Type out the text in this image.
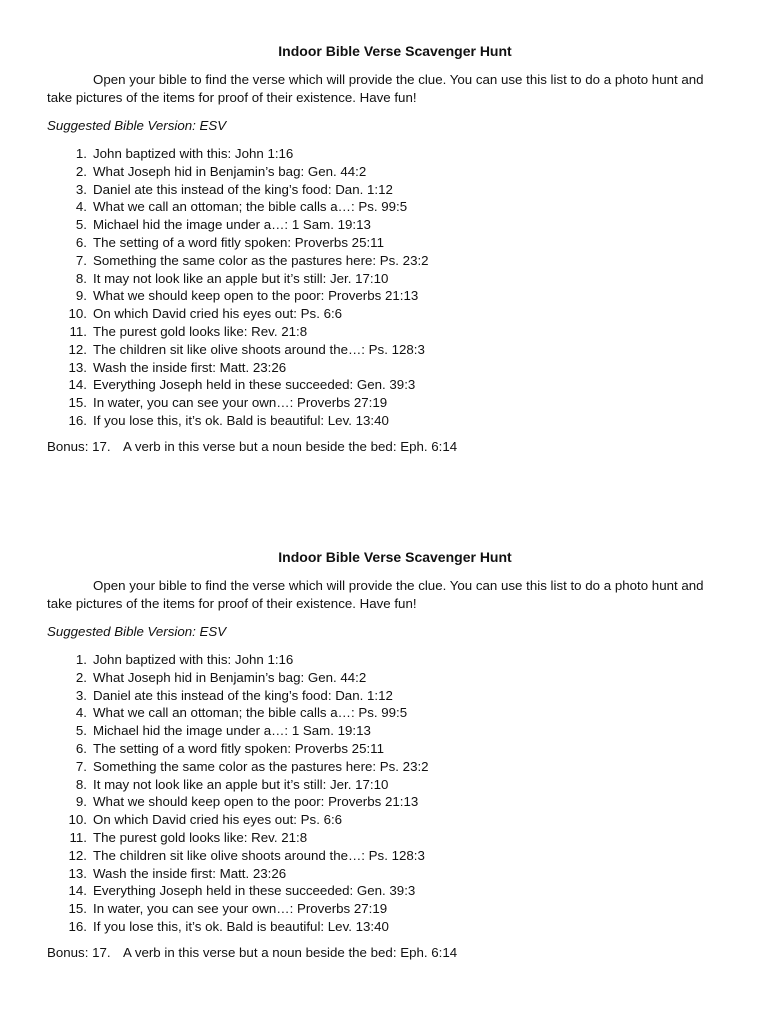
Indoor Bible Verse Scavenger Hunt

Open your bible to find the verse which will provide the clue. You can use this list to do a photo hunt and take pictures of the items for proof of their existence. Have fun!

Suggested Bible Version: ESV

1. John baptized with this: John 1:16
2. What Joseph hid in Benjamin’s bag: Gen. 44:2
3. Daniel ate this instead of the king’s food: Dan. 1:12
4. What we call an ottoman; the bible calls a…: Ps. 99:5
5. Michael hid the image under a…: 1 Sam. 19:13
6. The setting of a word fitly spoken: Proverbs 25:11
7. Something the same color as the pastures here: Ps. 23:2
8. It may not look like an apple but it’s still: Jer. 17:10
9. What we should keep open to the poor: Proverbs 21:13
10. On which David cried his eyes out: Ps. 6:6
11. The purest gold looks like: Rev. 21:8
12. The children sit like olive shoots around the…: Ps. 128:3
13. Wash the inside first: Matt. 23:26
14. Everything Joseph held in these succeeded: Gen. 39:3
15. In water, you can see your own…: Proverbs 27:19
16. If you lose this, it’s ok. Bald is beautiful: Lev. 13:40

Bonus: 17. A verb in this verse but a noun beside the bed: Eph. 6:14

Indoor Bible Verse Scavenger Hunt

Open your bible to find the verse which will provide the clue. You can use this list to do a photo hunt and take pictures of the items for proof of their existence. Have fun!

Suggested Bible Version: ESV

1. John baptized with this: John 1:16
2. What Joseph hid in Benjamin’s bag: Gen. 44:2
3. Daniel ate this instead of the king’s food: Dan. 1:12
4. What we call an ottoman; the bible calls a…: Ps. 99:5
5. Michael hid the image under a…: 1 Sam. 19:13
6. The setting of a word fitly spoken: Proverbs 25:11
7. Something the same color as the pastures here: Ps. 23:2
8. It may not look like an apple but it’s still: Jer. 17:10
9. What we should keep open to the poor: Proverbs 21:13
10. On which David cried his eyes out: Ps. 6:6
11. The purest gold looks like: Rev. 21:8
12. The children sit like olive shoots around the…: Ps. 128:3
13. Wash the inside first: Matt. 23:26
14. Everything Joseph held in these succeeded: Gen. 39:3
15. In water, you can see your own…: Proverbs 27:19
16. If you lose this, it’s ok. Bald is beautiful: Lev. 13:40

Bonus: 17. A verb in this verse but a noun beside the bed: Eph. 6:14
